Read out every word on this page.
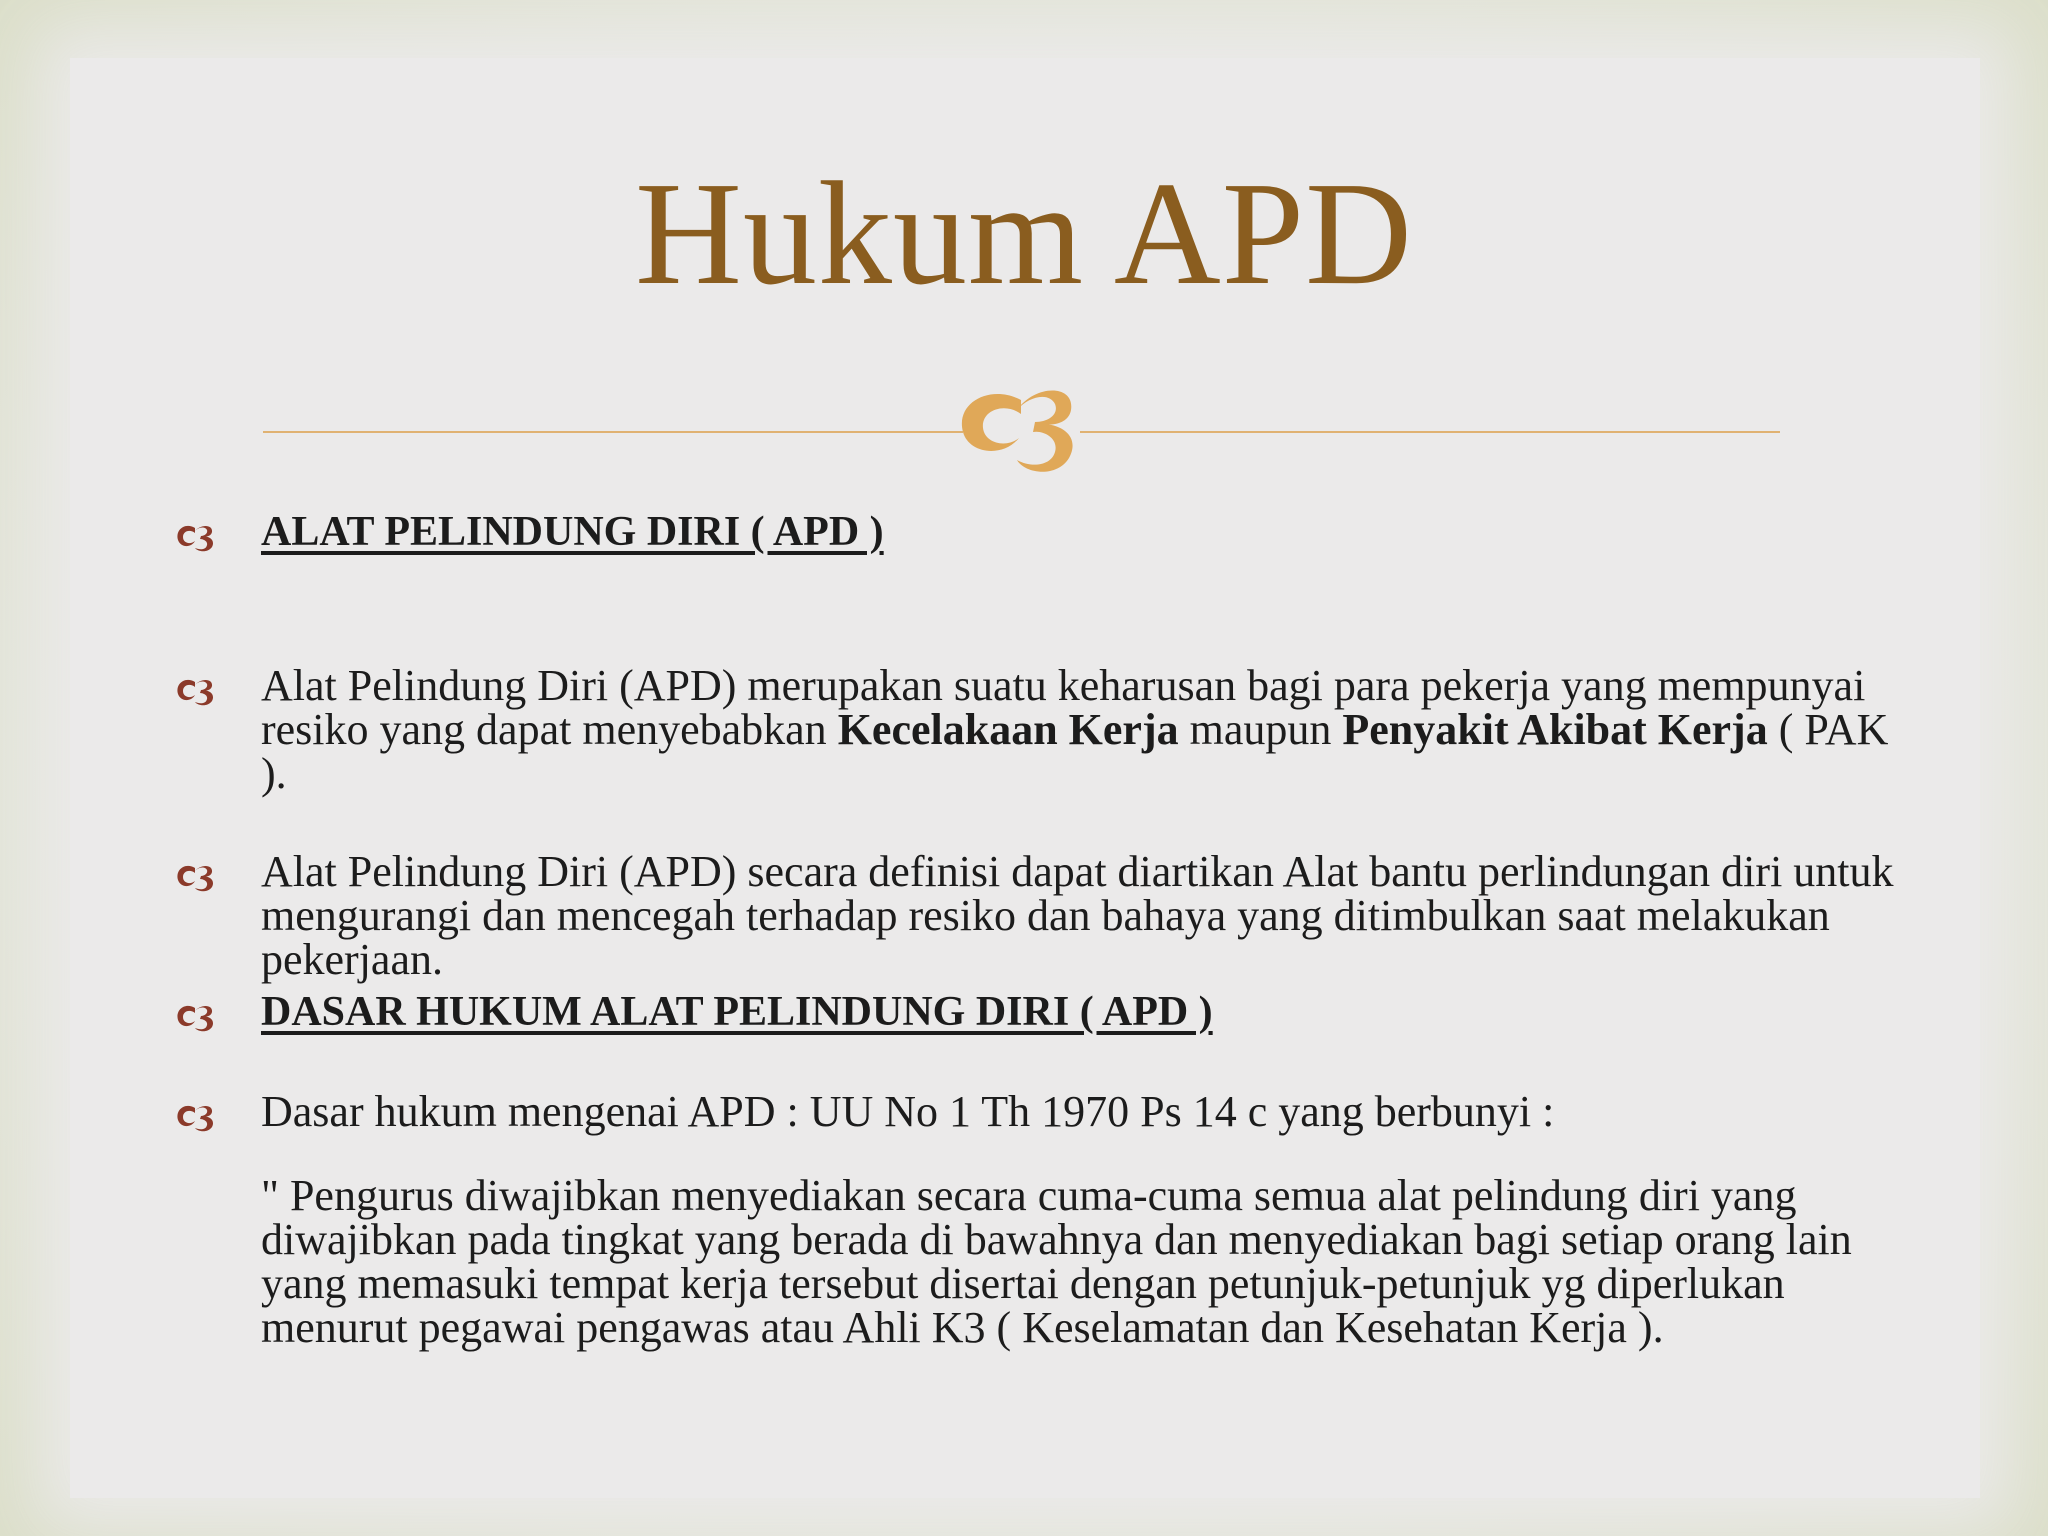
Hukum APD
ALAT PELINDUNG DIRI ( APD )
Alat Pelindung Diri (APD) merupakan suatu keharusan bagi para pekerja yang mempunyai resiko yang dapat menyebabkan Kecelakaan Kerja maupun Penyakit Akibat Kerja ( PAK ).
Alat Pelindung Diri (APD) secara definisi dapat diartikan Alat bantu perlindungan diri untuk mengurangi dan mencegah terhadap resiko dan bahaya yang ditimbulkan saat melakukan pekerjaan.
DASAR HUKUM ALAT PELINDUNG DIRI ( APD )
Dasar hukum mengenai APD : UU No 1 Th 1970 Ps 14 c yang berbunyi :
" Pengurus diwajibkan menyediakan secara cuma-cuma semua alat pelindung diri yang diwajibkan pada tingkat yang berada di bawahnya dan menyediakan bagi setiap orang lain yang memasuki tempat kerja tersebut disertai dengan petunjuk-petunjuk yg diperlukan menurut pegawai pengawas atau Ahli K3 ( Keselamatan dan Kesehatan Kerja ).
